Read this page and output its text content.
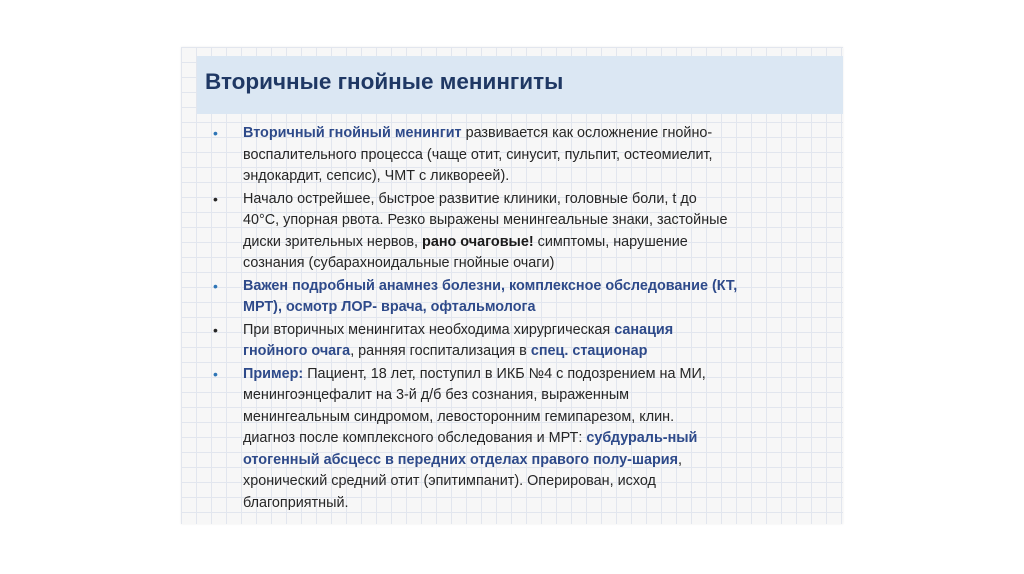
Вторичные гнойные менингиты
• Вторичный гнойный менингит развивается как осложнение гнойно-
воспалительного процесса (чаще отит, синусит, пульпит, остеомиелит,
эндокардит, сепсис), ЧМТ с ликвореей).
• Начало острейшее, быстрое развитие клиники, головные боли, t до
40°С, упорная рвота. Резко выражены менингеальные знаки, застойные
диски зрительных нервов, рано очаговые! симптомы, нарушение
сознания (субарахноидальные гнойные очаги)
• Важен подробный анамнез болезни, комплексное обследование (КТ,
МРТ), осмотр ЛОР- врача, офтальмолога
• При вторичных менингитах необходима хирургическая санация
гнойного очага, ранняя госпитализация в спец. стационар
• Пример: Пациент, 18 лет, поступил в ИКБ №4 с подозрением на МИ,
менингоэнцефалит на 3-й д/б без сознания, выраженным
менингеальным синдромом, левосторонним гемипарезом, клин.
диагноз после комплексного обследования и МРТ: субдураль-ный
отогенный абсцесс в передних отделах правого полу-шария,
хронический средний отит (эпитимпанит). Оперирован, исход
благоприятный.
